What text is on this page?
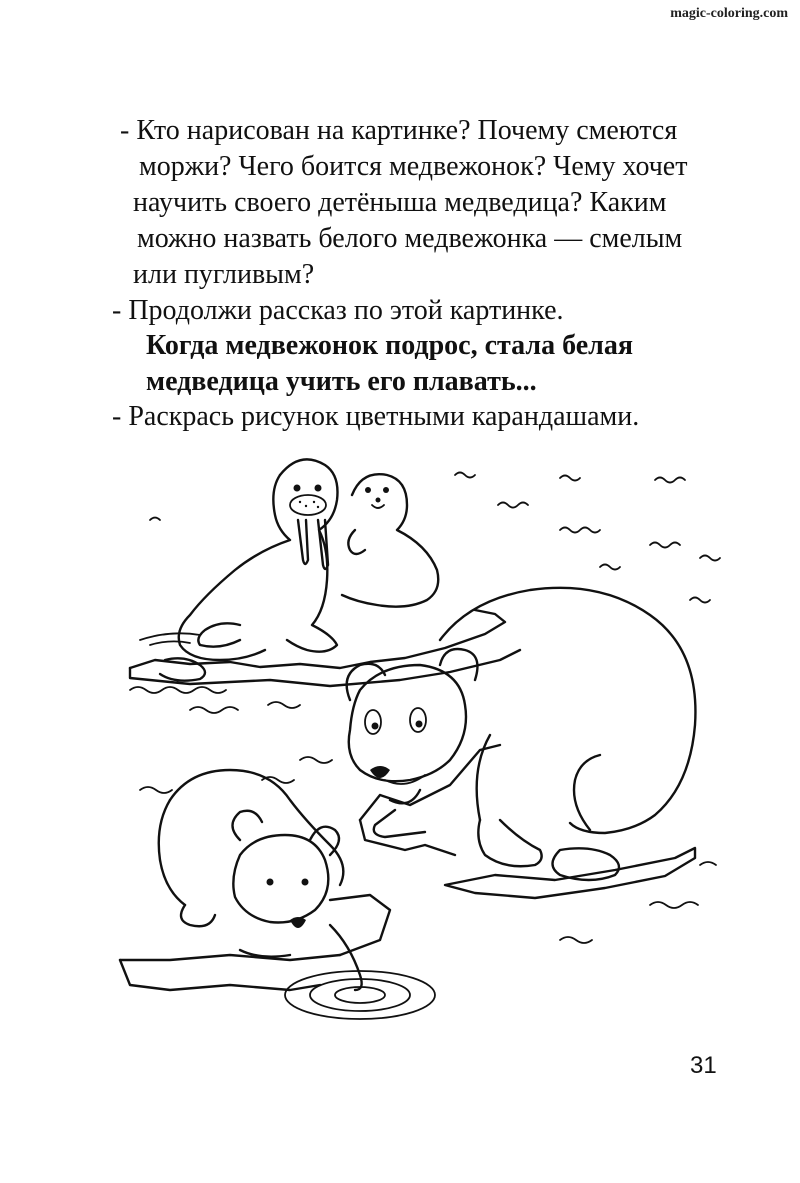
magic-coloring.com
- Кто нарисован на картинке? Почему смеются
моржи? Чего боится медвежонок? Чему хочет
научить своего детёныша медведица? Каким
можно назвать белого медвежонка — смелым
или пугливым?
- Продолжи рассказ по этой картинке.
Когда медвежонок подрос, стала белая
медведица учить его плавать...
- Раскрась рисунок цветными карандашами.
31
